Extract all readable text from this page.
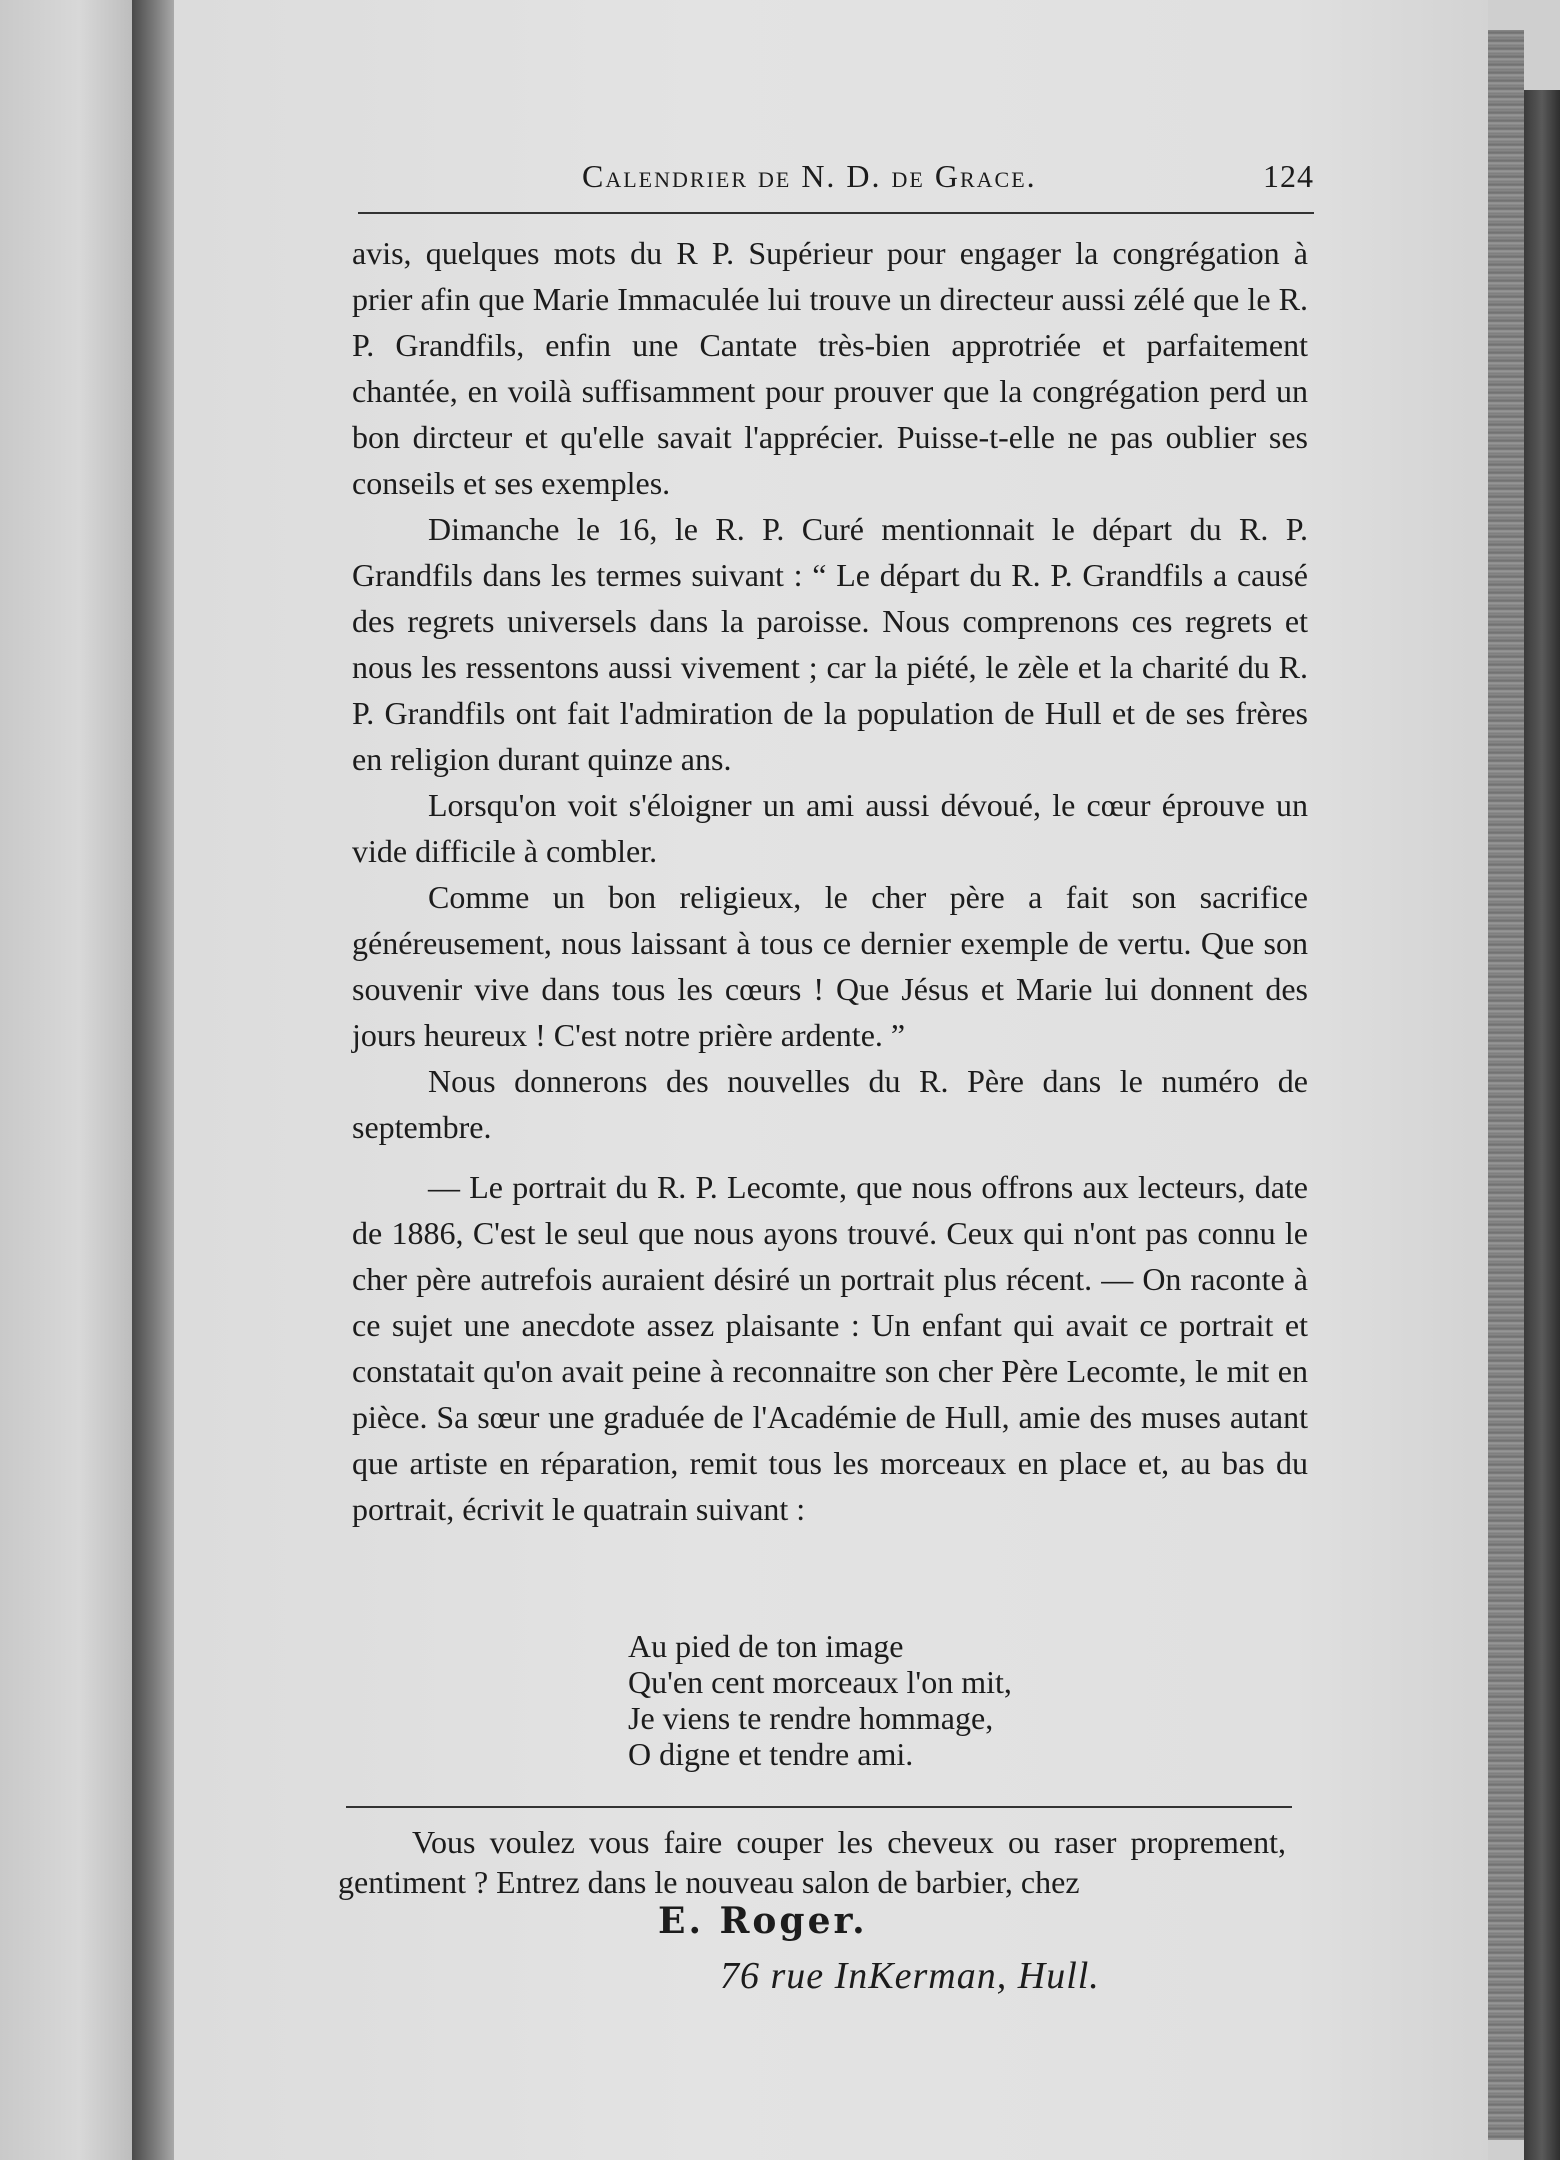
Calendrier de N. D. de Grace.	124

avis, quelques mots du R P. Supérieur pour engager la congrégation à prier afin que Marie Immaculée lui trouve un directeur aussi zélé que le R. P. Grandfils, enfin une Cantate très-bien approtriée et parfaitement chantée, en voilà suffisamment pour prouver que la congrégation perd un bon dircteur et qu'elle savait l'apprécier. Puisse-t-elle ne pas oublier ses conseils et ses exemples.

Dimanche le 16, le R. P. Curé mentionnait le départ du R. P. Grandfils dans les termes suivant : “ Le départ du R. P. Grandfils a causé des regrets universels dans la paroisse. Nous comprenons ces regrets et nous les ressentons aussi vivement ; car la piété, le zèle et la charité du R. P. Grandfils ont fait l'admiration de la population de Hull et de ses frères en religion durant quinze ans.

Lorsqu'on voit s'éloigner un ami aussi dévoué, le cœur éprouve un vide difficile à combler.

Comme un bon religieux, le cher père a fait son sacrifice généreusement, nous laissant à tous ce dernier exemple de vertu. Que son souvenir vive dans tous les cœurs ! Que Jésus et Marie lui donnent des jours heureux ! C'est notre prière ardente. ”

Nous donnerons des nouvelles du R. Père dans le numéro de septembre.

— Le portrait du R. P. Lecomte, que nous offrons aux lecteurs, date de 1886, C'est le seul que nous ayons trouvé. Ceux qui n'ont pas connu le cher père autrefois auraient désiré un portrait plus récent. — On raconte à ce sujet une anecdote assez plaisante : Un enfant qui avait ce portrait et constatait qu'on avait peine à reconnaitre son cher Père Lecomte, le mit en pièce. Sa sœur une graduée de l'Académie de Hull, amie des muses autant que artiste en réparation, remit tous les morceaux en place et, au bas du portrait, écrivit le quatrain suivant :

Au pied de ton image

Qu'en cent morceaux l'on mit,

Je viens te rendre hommage,

O digne et tendre ami.

Vous voulez vous faire couper les cheveux ou raser proprement, gentiment ? Entrez dans le nouveau salon de barbier, chez

E. Roger.

76 rue InKerman, Hull.
